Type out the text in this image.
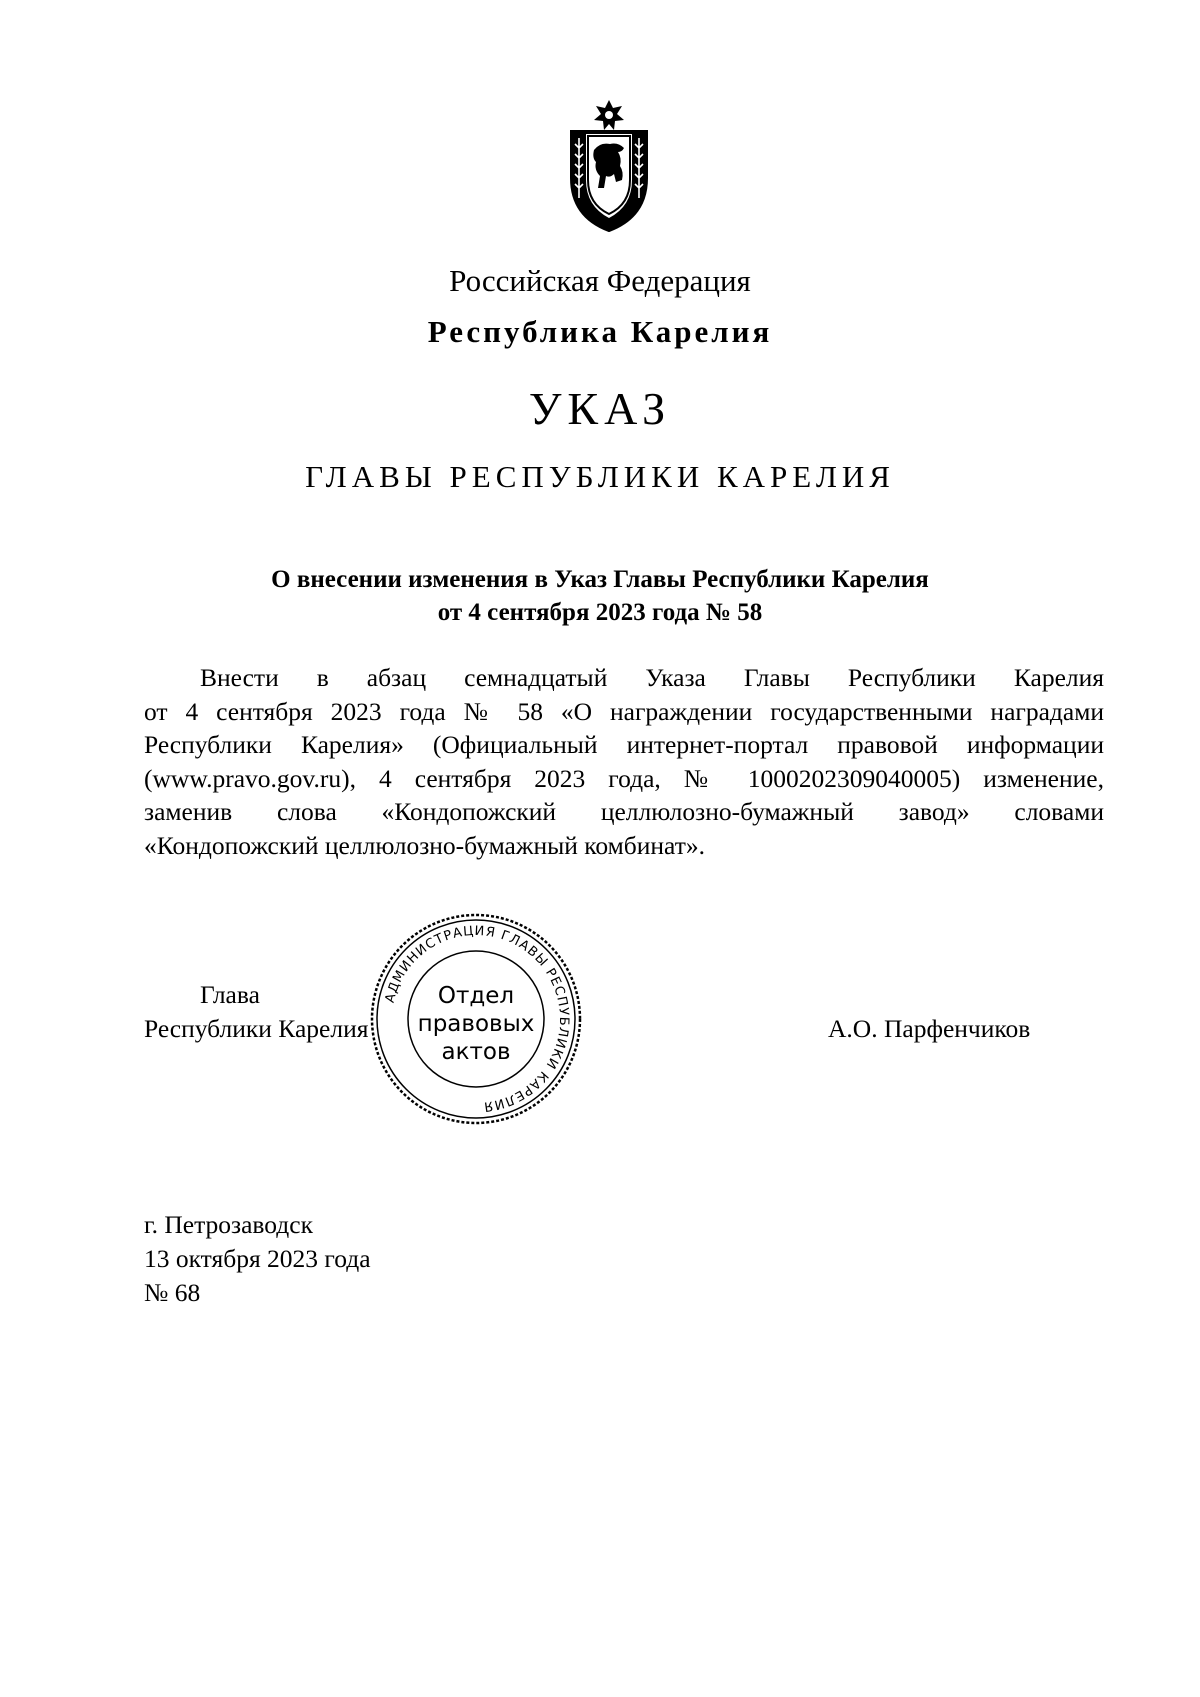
Российская Федерация
Республика Карелия
УКАЗ
ГЛАВЫ РЕСПУБЛИКИ КАРЕЛИЯ
О внесении изменения в Указ Главы Республики Карелия
от 4 сентября 2023 года № 58
Внести в абзац семнадцатый Указа Главы Республики Карелия
от 4 сентября 2023 года № 58 «О награждении государственными наградами
Республики Карелия» (Официальный интернет-портал правовой информации
(www.pravo.gov.ru), 4 сентября 2023 года, № 1000202309040005) изменение,
заменив слова «Кондопожский целлюлозно-бумажный завод» словами
«Кондопожский целлюлозно-бумажный комбинат».
Глава
Республики Карелия
АДМИНИСТРАЦИЯ ГЛАВЫ РЕСПУБЛИКИ КАРЕЛИЯ
Отдел
правовых
актов
А.О. Парфенчиков
г. Петрозаводск
13 октября 2023 года
№ 68
